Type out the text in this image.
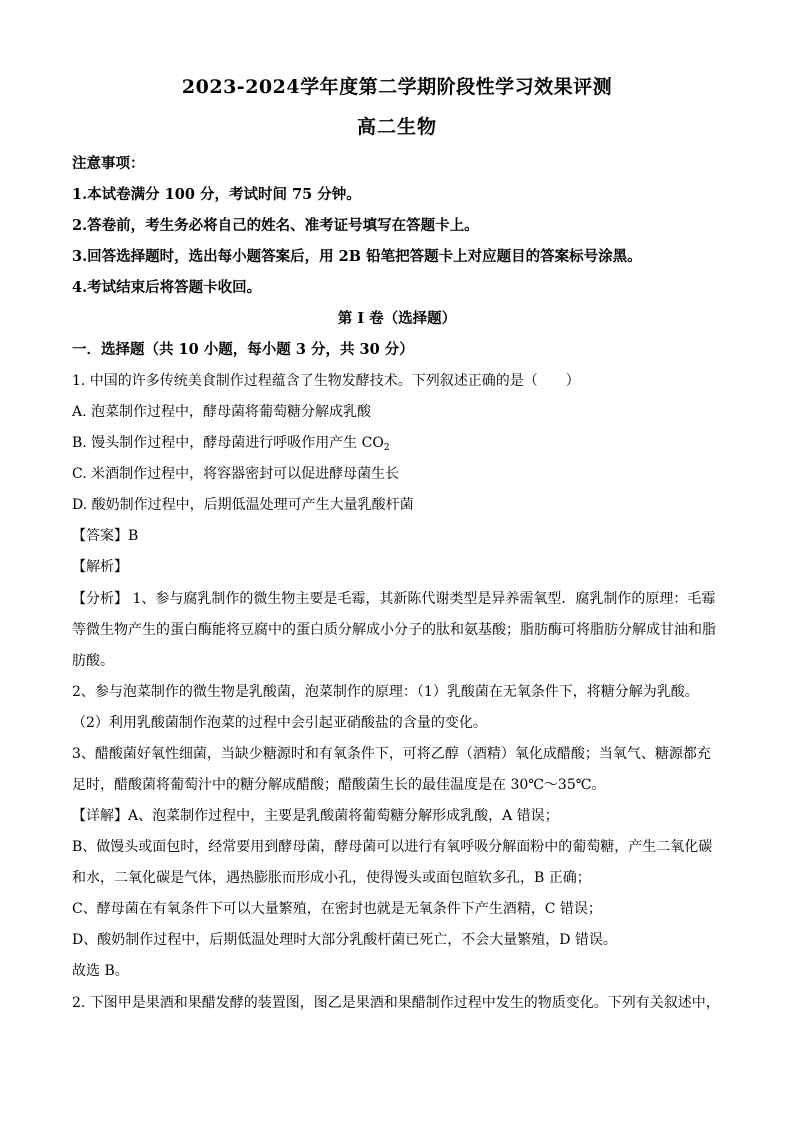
2023-2024学年度第二学期阶段性学习效果评测
高二生物
注意事项：
1.本试卷满分 100 分，考试时间 75 分钟。
2.答卷前，考生务必将自己的姓名、准考证号填写在答题卡上。
3.回答选择题时，选出每小题答案后，用 2B 铅笔把答题卡上对应题目的答案标号涂黑。
4.考试结束后将答题卡收回。
第 I 卷（选择题）
一．选择题（共 10 小题，每小题 3 分，共 30 分）
1. 中国的许多传统美食制作过程蕴含了生物发酵技术。下列叙述正确的是（　　）
A. 泡菜制作过程中，酵母菌将葡萄糖分解成乳酸
B. 馒头制作过程中，酵母菌进行呼吸作用产生 $CO_2$
C. 米酒制作过程中，将容器密封可以促进酵母菌生长
D. 酸奶制作过程中，后期低温处理可产生大量乳酸杆菌
【答案】B
【解析】
【分析】 1、参与腐乳制作的微生物主要是毛霉，其新陈代谢类型是异养需氧型．腐乳制作的原理：毛霉
等微生物产生的蛋白酶能将豆腐中的蛋白质分解成小分子的肽和氨基酸；脂肪酶可将脂肪分解成甘油和脂
肪酸。
2、参与泡菜制作的微生物是乳酸菌，泡菜制作的原理：（1）乳酸菌在无氧条件下，将糖分解为乳酸。
（2）利用乳酸菌制作泡菜的过程中会引起亚硝酸盐的含量的变化。
3、醋酸菌好氧性细菌，当缺少糖源时和有氧条件下，可将乙醇（酒精）氧化成醋酸；当氧气、糖源都充
足时，醋酸菌将葡萄汁中的糖分解成醋酸；醋酸菌生长的最佳温度是在 30℃～35℃。
【详解】A、泡菜制作过程中，主要是乳酸菌将葡萄糖分解形成乳酸，A 错误；
B、做馒头或面包时，经常要用到酵母菌，酵母菌可以进行有氧呼吸分解面粉中的葡萄糖，产生二氧化碳
和水，二氧化碳是气体，遇热膨胀而形成小孔，使得馒头或面包暄软多孔，B 正确；
C、酵母菌在有氧条件下可以大量繁殖，在密封也就是无氧条件下产生酒精，C 错误；
D、酸奶制作过程中，后期低温处理时大部分乳酸杆菌已死亡，不会大量繁殖，D 错误。
故选 B。
2. 下图甲是果酒和果醋发酵的装置图，图乙是果酒和果醋制作过程中发生的物质变化。下列有关叙述中，
